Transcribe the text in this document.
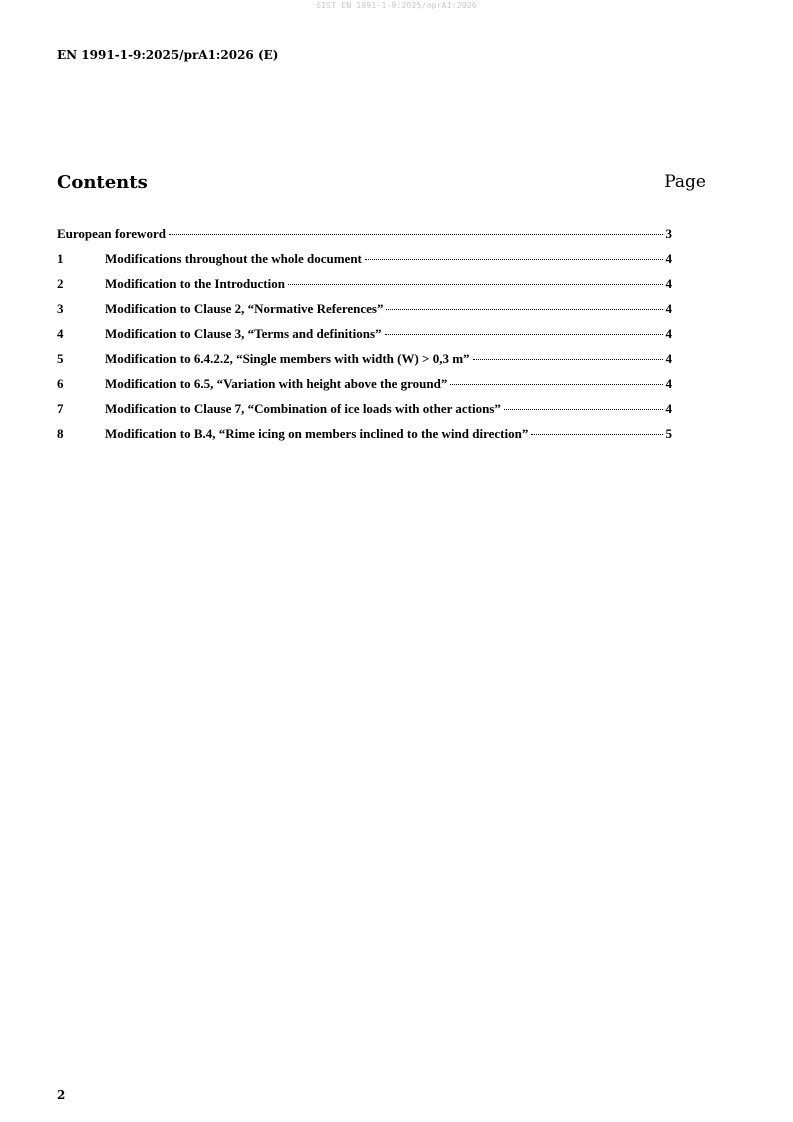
SIST EN 1991-1-9:2025/oprA1:2026
EN 1991-1-9:2025/prA1:2026 (E)
Contents	Page
European foreword	3
1	Modifications throughout the whole document	4
2	Modification to the Introduction	4
3	Modification to Clause 2, “Normative References”	4
4	Modification to Clause 3, “Terms and definitions”	4
5	Modification to 6.4.2.2, “Single members with width (W) > 0,3 m”	4
6	Modification to 6.5, “Variation with height above the ground”	4
7	Modification to Clause 7, “Combination of ice loads with other actions”	4
8	Modification to B.4, “Rime icing on members inclined to the wind direction”	5
2
